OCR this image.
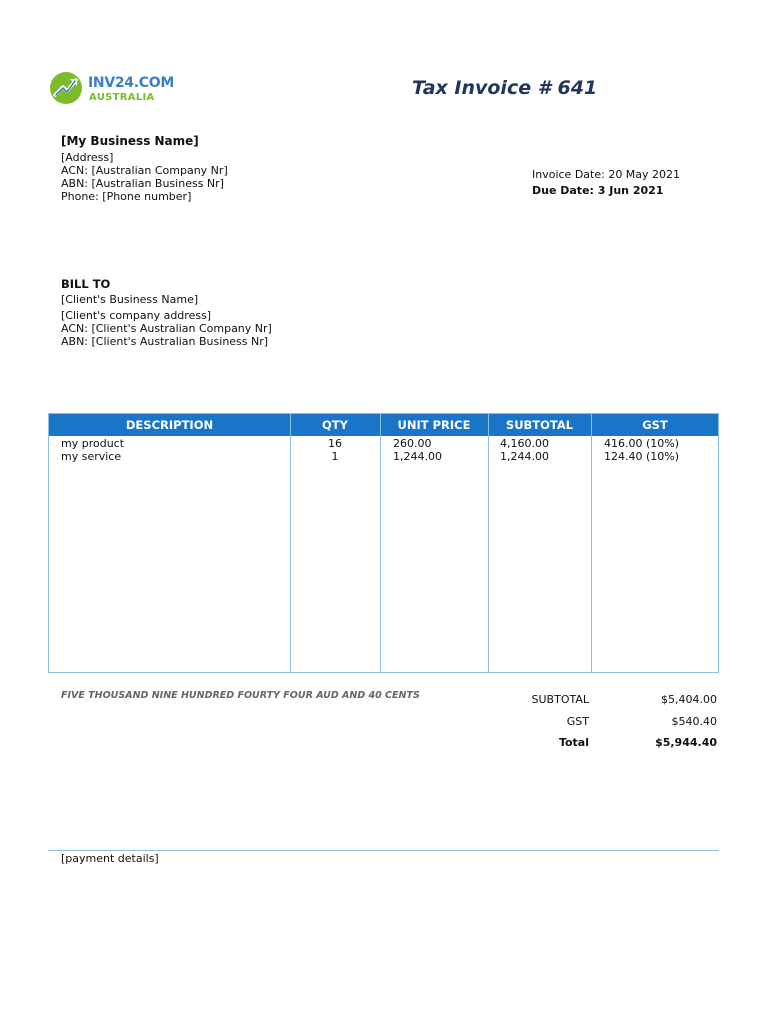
INV24.COM
AUSTRALIA	Tax Invoice # 641
[My Business Name]
[Address]
ACN: [Australian Company Nr]
ABN: [Australian Business Nr]
Phone: [Phone number]
Invoice Date: 20 May 2021
Due Date: 3 Jun 2021
BILL TO
[Client's Business Name]
[Client's company address]
ACN: [Client's Australian Company Nr]
ABN: [Client's Australian Business Nr]
DESCRIPTION	QTY	UNIT PRICE	SUBTOTAL	GST
my product	16	260.00	4,160.00	416.00 (10%)
my service	1	1,244.00	1,244.00	124.40 (10%)
FIVE THOUSAND NINE HUNDRED FOURTY FOUR AUD AND 40 CENTS	SUBTOTAL	$5,404.00
GST	$540.40
Total	$5,944.40
[payment details]
